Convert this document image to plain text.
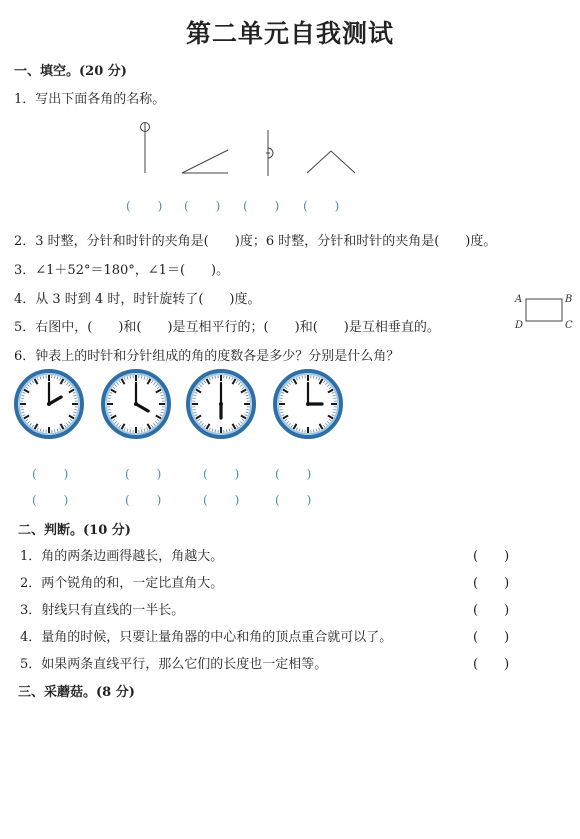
第二单元自我测试
一、填空。(20 分)
1．写出下面各角的名称。
(　　) (　　) (　　) (　　)
2．3 时整，分针和时针的夹角是(　　)度；6 时整，分针和时针的夹角是(　　)度。
3．∠1＋52°＝180°，∠1＝(　　)。
4．从 3 时到 4 时，时针旋转了(　　)度。
5．右图中，(　　)和(　　)是互相平行的；(　　)和(　　)是互相垂直的。
A	B
D	C
6．钟表上的时针和分针组成的角的度数各是多少？分别是什么角？
(　　)	(　　)	(　　)	(　　)
(　　)	(　　)	(　　)	(　　)
二、判断。(10 分)
1．角的两条边画得越长，角越大。	(　　)
2．两个锐角的和，一定比直角大。	(　　)
3．射线只有直线的一半长。	(　　)
4．量角的时候，只要让量角器的中心和角的顶点重合就可以了。	(　　)
5．如果两条直线平行，那么它们的长度也一定相等。	(　　)
三、采蘑菇。(8 分)
